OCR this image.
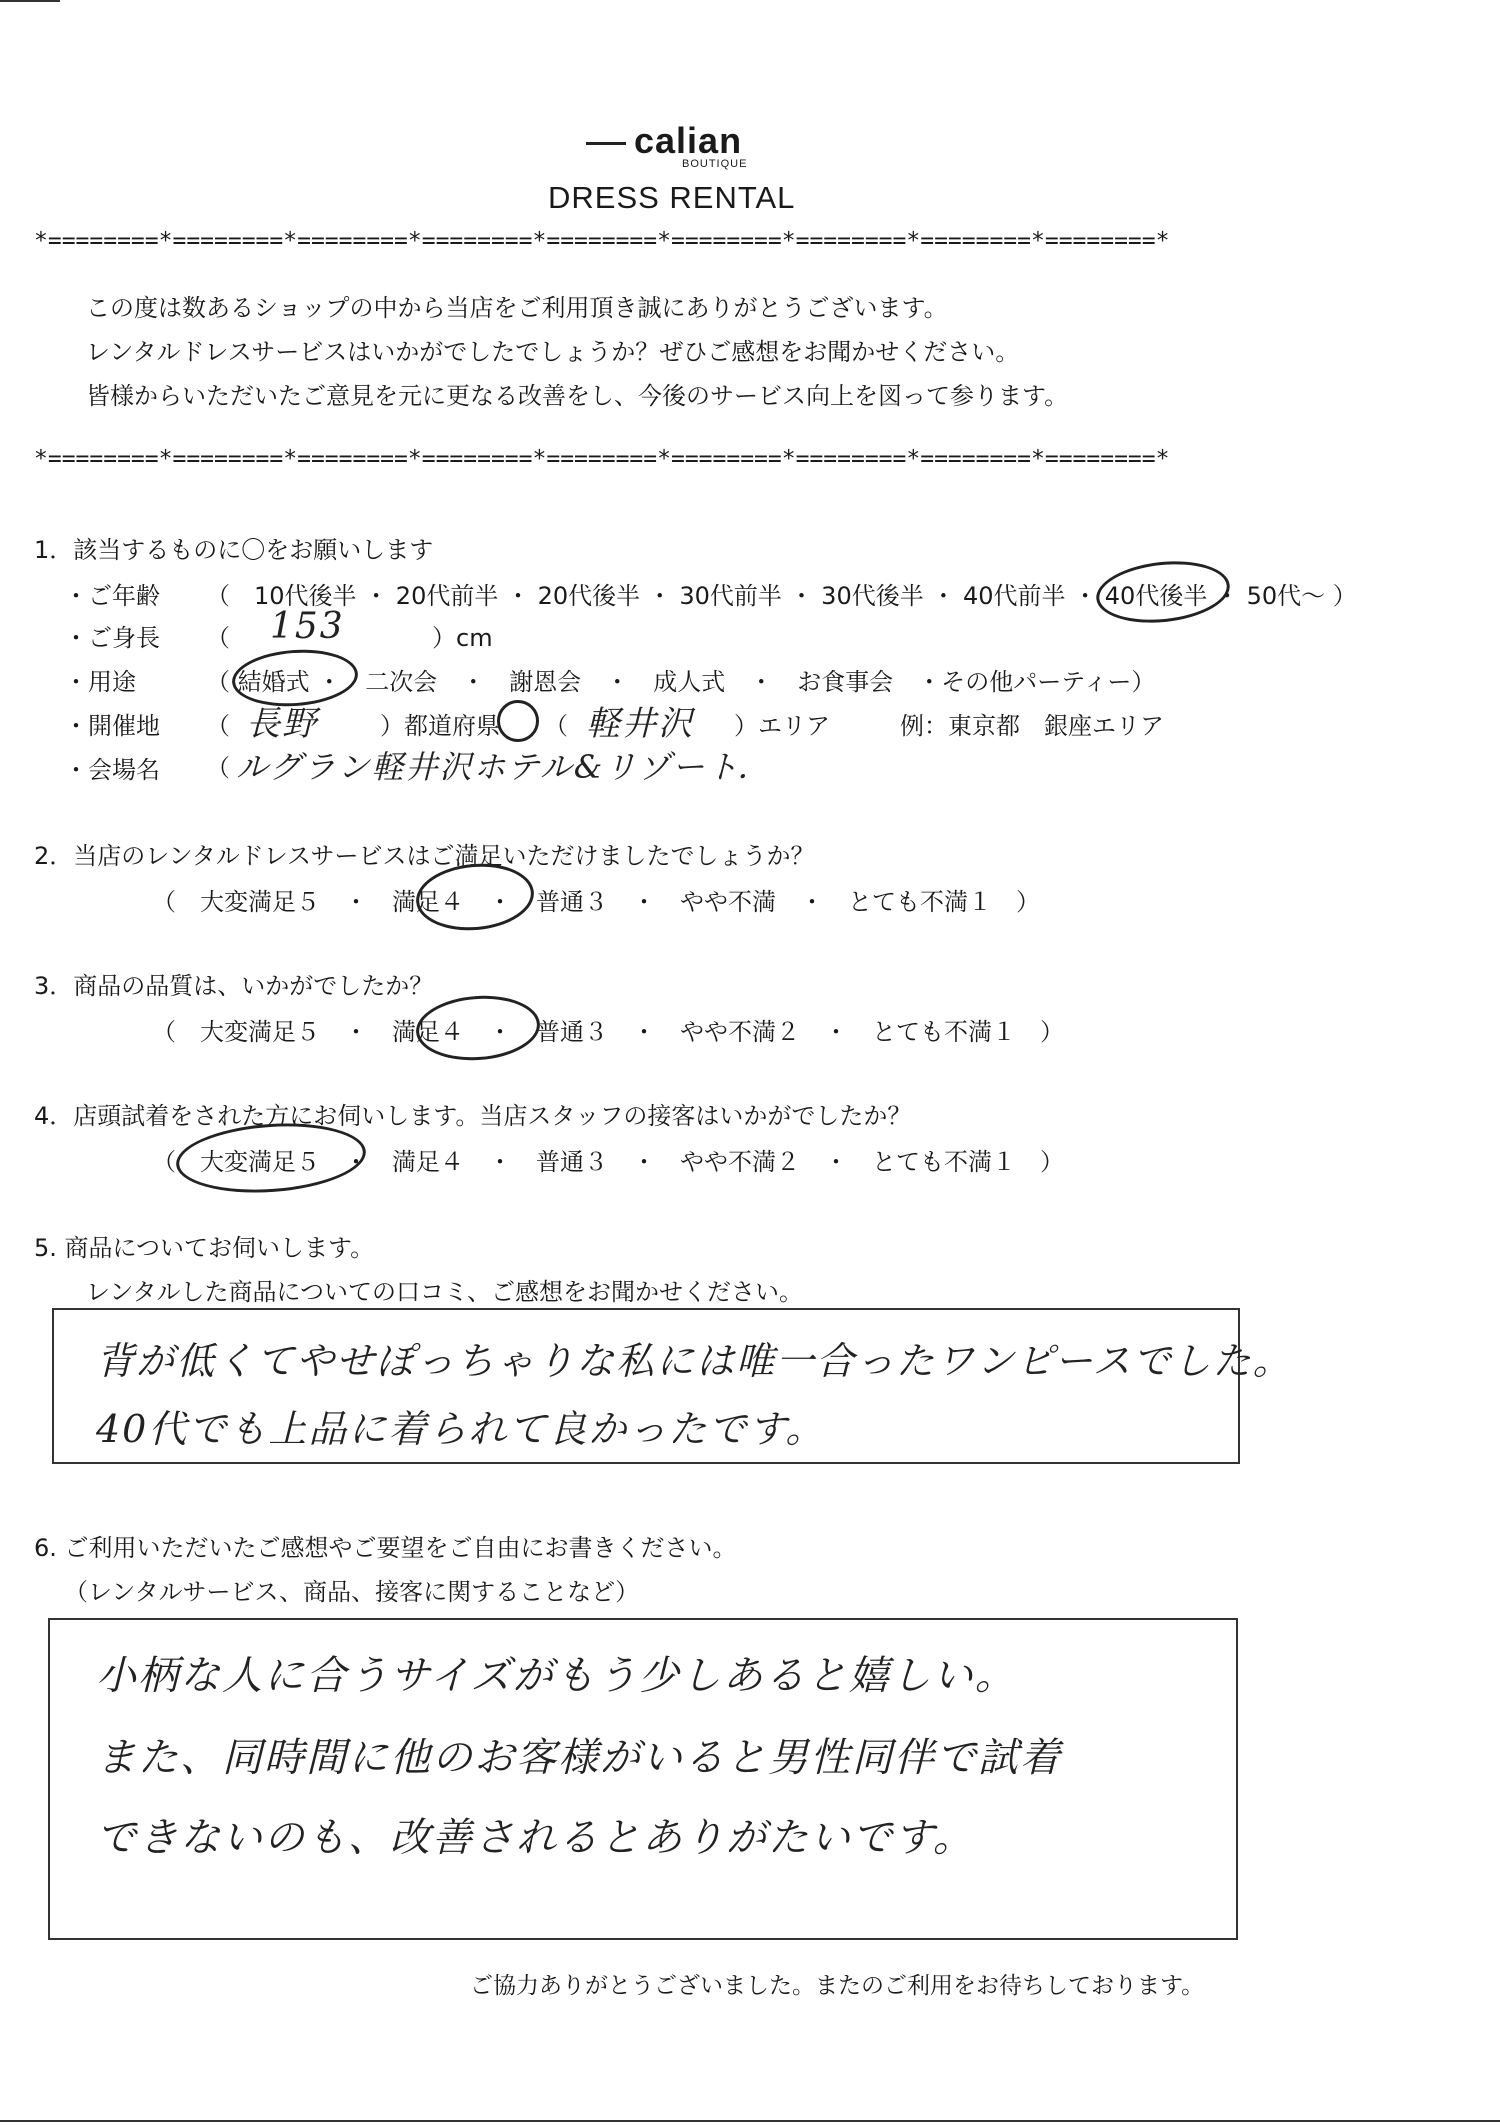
calian
BOUTIQUE
DRESS RENTAL
*========*========*========*========*========*========*========*========*========*
この度は数あるショップの中から当店をご利用頂き誠にありがとうございます。
レンタルドレスサービスはいかがでしたでしょうか？ぜひご感想をお聞かせください。
皆様からいただいたご意見を元に更なる改善をし、今後のサービス向上を図って参ります。
*========*========*========*========*========*========*========*========*========*
1．該当するものに〇をお願いします
・ご年齢 （　10代後半 ・ 20代前半 ・ 20代後半 ・ 30代前半 ・ 30代後半 ・ 40代前半 ・ 40代後半 ・ 50代～ ）
・ご身長 （ 153	）cm
・用途	（ 結婚式 ・　二次会　・　謝恩会　・　成人式　・　お食事会　・その他パーティー）
・開催地 （ 長野	）都道府県 （ 軽井沢 ）エリア	例：東京都　銀座エリア
・会場名 （ ルグラン軽井沢ホテル&リゾート．
2．当店のレンタルドレスサービスはご満足いただけましたでしょうか？
（　大変満足５　・　満足４　・　普通３　・　やや不満　・　とても不満１　）
3．商品の品質は、いかがでしたか？
（　大変満足５　・　満足４　・　普通３　・　やや不満２　・　とても不満１　）
4．店頭試着をされた方にお伺いします。当店スタッフの接客はいかがでしたか？
（　大変満足５　・　満足４　・　普通３　・　やや不満２　・　とても不満１　）
5. 商品についてお伺いします。
レンタルした商品についての口コミ、ご感想をお聞かせください。
背が低くてやせぽっちゃりな私には唯一合ったワンピースでした。
40代でも上品に着られて良かったです。
6. ご利用いただいたご感想やご要望をご自由にお書きください。
（レンタルサービス、商品、接客に関することなど）
小柄な人に合うサイズがもう少しあると嬉しい。
また、同時間に他のお客様がいると男性同伴で試着
できないのも、改善されるとありがたいです。
ご協力ありがとうございました。またのご利用をお待ちしております。
